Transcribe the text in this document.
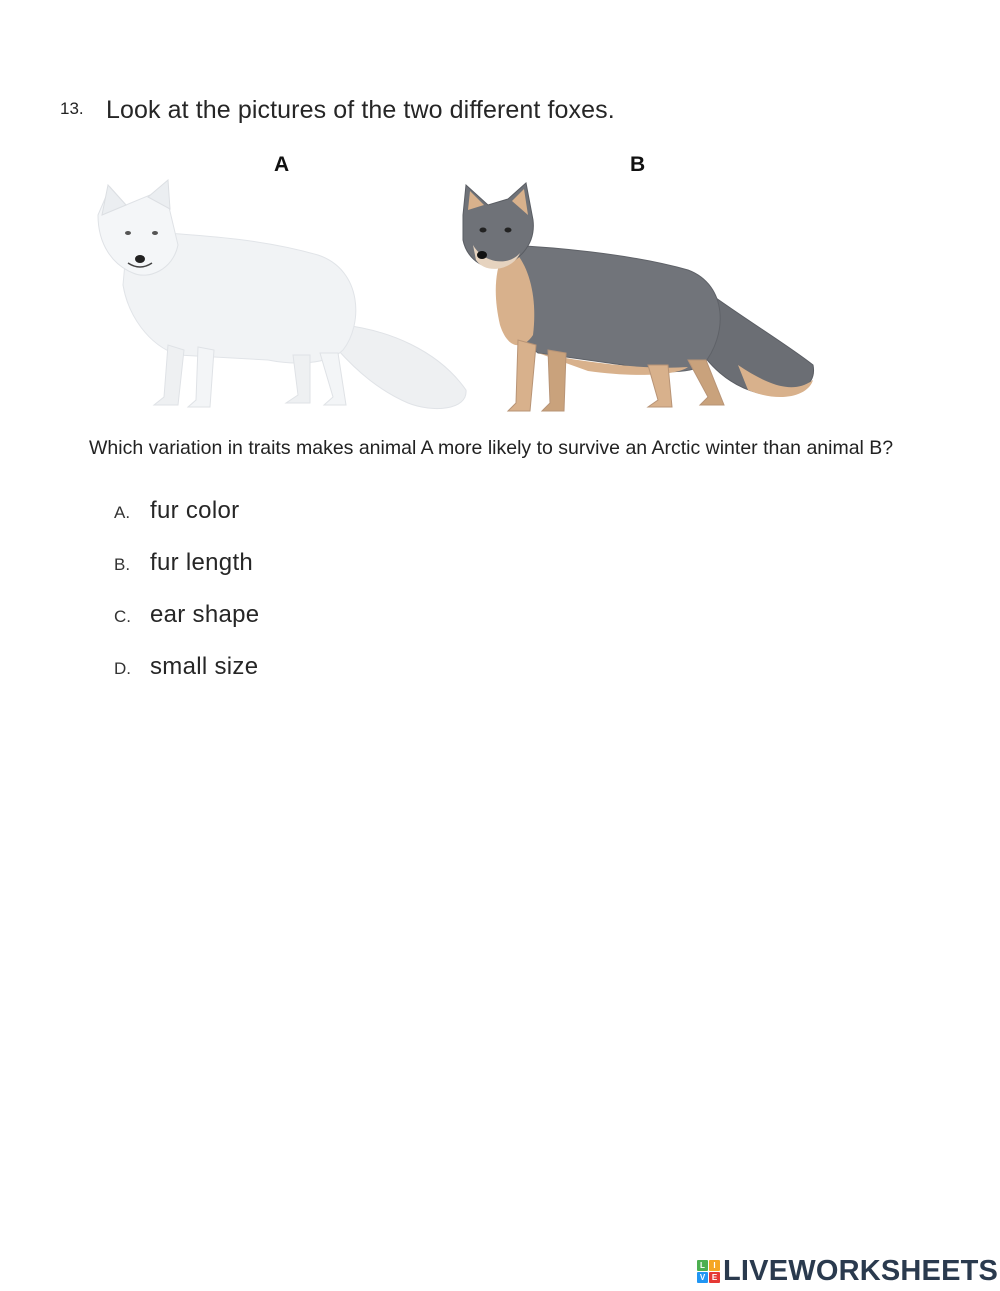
13. Look at the pictures of the two different foxes.
A	B
Which variation in traits makes animal A more likely to survive an Arctic winter than animal B?
A. fur color
B. fur length
C. ear shape
D. small size
L	I
V E LIVEWORKSHEETS
